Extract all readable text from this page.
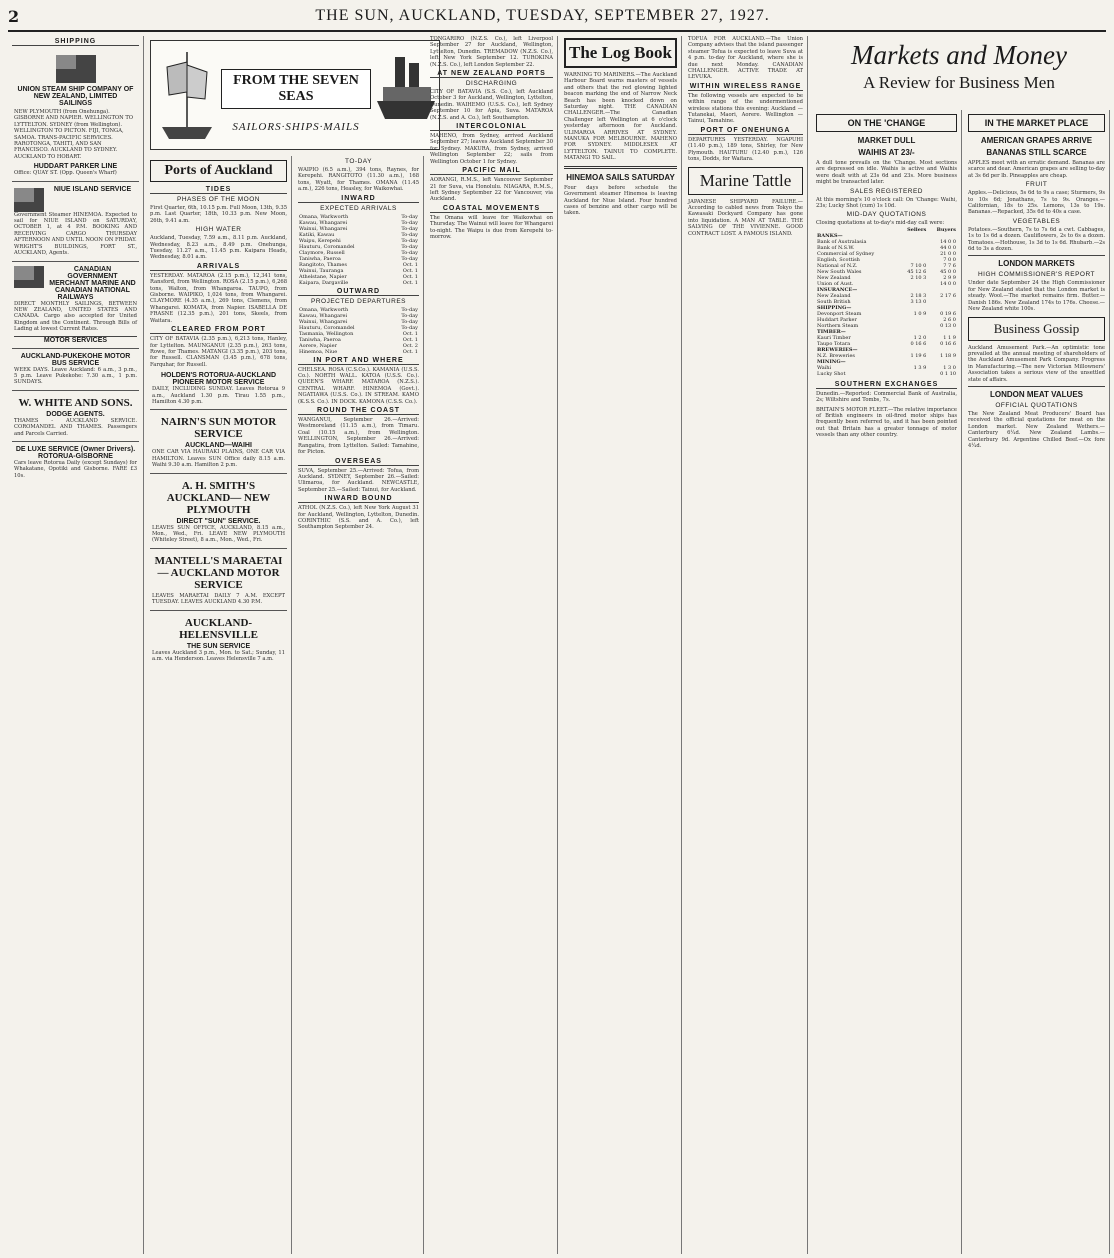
2	THE SUN, AUCKLAND, TUESDAY, SEPTEMBER 27, 1927.
SHIPPING
UNION STEAM SHIP COMPANY OF NEW ZEALAND, LIMITED
SAILINGS
NEW PLYMOUTH (from Onehunga). GISBORNE AND NAPIER. WELLINGTON TO LYTTELTON. SYDNEY (from Wellington). WELLINGTON TO PICTON. FIJI, TONGA, SAMOA. TRANS-PACIFIC SERVICES. RAROTONGA, TAHITI, AND SAN FRANCISCO. AUCKLAND TO SYDNEY. AUCKLAND TO HOBART.
HUDDART PARKER LINE
Office: QUAY ST. (Opp. Queen's Wharf)
NIUE ISLAND SERVICE
Government Steamer HINEMOA. Expected to sail for NIUE ISLAND on SATURDAY, OCTOBER 1, at 4 P.M. BOOKING AND RECEIVING CARGO THURSDAY AFTERNOON AND UNTIL NOON ON FRIDAY.
WRIGHT'S BUILDINGS, FORT ST., AUCKLAND, Agents.
CANADIAN GOVERNMENT MERCHANT MARINE AND CANADIAN NATIONAL RAILWAYS
DIRECT MONTHLY SAILINGS, BETWEEN NEW ZEALAND, UNITED STATES AND CANADA. Cargo also accepted for United Kingdom and the Continent. Through Bills of Lading at lowest Current Rates.
MOTOR SERVICES
AUCKLAND-PUKEKOHE MOTOR BUS SERVICE
WEEK DAYS. Leave Auckland: 6 a.m., 3 p.m., 5 p.m. Leave Pukekohe: 7.30 a.m., 1 p.m. SUNDAYS.
W. WHITE AND SONS.
DODGE AGENTS.
THAMES - AUCKLAND SERVICE. COROMANDEL AND THAMES. Passengers and Parcels Carried.
DE LUXE SERVICE (Owner Drivers). ROTORUA-GISBORNE
Cars leave Rotorua Daily (except Sundays) for Whakatane, Opotiki and Gisborne. FARE £3 10s.
FROM THE SEVEN SEAS
SAILORS·SHIPS·MAILS
Ports of Auckland
TIDES
PHASES OF THE MOON
First Quarter, 6th, 10.15 p.m. Full Moon, 13th, 9.35 p.m. Last Quarter, 18th, 10.33 p.m. New Moon, 26th, 9.41 a.m.
HIGH WATER
Auckland, Tuesday, 7.59 a.m., 8.11 p.m. Auckland, Wednesday, 8.23 a.m., 8.49 p.m. Onehunga, Tuesday, 11.27 a.m., 11.45 p.m. Kaipara Heads, Wednesday, 8.01 a.m.
ARRIVALS
YESTERDAY. MATAROA (2.15 p.m.), 12,341 tons, Ransford, from Wellington. ROSA (2.15 p.m.), 6,268 tons, Walton, from Whangaroa. TAUPO, from Gisborne. WAIPIKO, 1,024 tons, from Whangarei. CLAYMORE (4.35 a.m.), 269 tons, Clemens, from Whangarei. KOMATA, from Napier. ISABELLA DE FRASNE (12.35 p.m.), 201 tons, Skeels, from Waitara.
CLEARED FROM PORT
CITY OF BATAVIA (2.35 p.m.), 6,213 tons, Hanley, for Lyttelton. MAUNGANUI (2.35 p.m.), 263 tons, Rowe, for Thames. MATANGI (3.35 p.m.), 203 tons, for Russell. CLANSMAN (3.45 p.m.), 678 tons, Farquhar, for Russell.
HOLDEN'S ROTORUA-AUCKLAND PIONEER MOTOR SERVICE
DAILY, INCLUDING SUNDAY. Leaves Rotorua 9 a.m., Auckland 1.30 p.m. Tirau 1.55 p.m., Hamilton 4.30 p.m.
NAIRN'S SUN MOTOR SERVICE
AUCKLAND—WAIHI
ONE CAR VIA HAURAKI PLAINS, ONE CAR VIA HAMILTON. Leaves SUN Office daily 8.15 a.m. Waihi 9.30 a.m. Hamilton 2 p.m.
A. H. SMITH'S AUCKLAND— NEW PLYMOUTH
DIRECT "SUN" SERVICE.
LEAVES SUN OFFICE, AUCKLAND, 8.15 a.m., Mon., Wed., Fri. LEAVE NEW PLYMOUTH (Whiteley Street), 8 a.m., Mon., Wed., Fri.
MANTELL'S MARAETAI — AUCKLAND MOTOR SERVICE
LEAVES MARAETAI DAILY 7 A.M. EXCEPT TUESDAY. LEAVES AUCKLAND 4.30 P.M.
AUCKLAND-HELENSVILLE
THE SUN SERVICE
Leaves Auckland 3 p.m., Mon. to Sat.; Sunday, 11 a.m. via Henderson. Leaves Helensville 7 a.m.
TO-DAY
WAIPIO (6.5 a.m.), 394 tons, Raynes, for Kerepehi. RANGITOTO (11.30 a.m.), 168 tons, Wyatt, for Thames. OMANA (11.45 a.m.), 226 tons, Heasley, for Waikowhai.
INWARD
EXPECTED ARRIVALS
Omana, Warkworth	To-day
Kawau, Whangarei	To-day
Wainui, Whangarei	To-day
Katiki, Kawau	To-day
Waipu, Kerepehi	To-day
Hauturu, Coromandel	To-day
Claymore, Russell	To-day
Taniwha, Paeroa	To-day
Rangitoto, Thames	Oct. 1
Wainui, Tauranga	Oct. 1
Athelstane, Napier	Oct. 1
Kaipara, Dargaville	Oct. 1
OUTWARD
PROJECTED DEPARTURES
Omana, Warkworth	To-day
Kawau, Whangarei	To-day
Wainui, Whangarei	To-day
Hauturu, Coromandel	To-day
Tasmania, Wellington	Oct. 1
Taniwha, Paeroa	Oct. 1
Aorere, Napier	Oct. 2
Hinemoa, Niue	Oct. 1
IN PORT AND WHERE
CHELSEA. ROSA (C.S.Co.). KAMANIA (U.S.S. Co.). NORTH WALL. KATOA (U.S.S. Co.). QUEEN'S WHARF. MATAROA (N.Z.S.). CENTRAL WHARF. HINEMOA (Govt.). NGATIAWA (U.S.S. Co.). IN STREAM. KAMO (K.S.S. Co.). IN DOCK. KAMONA (C.S.S. Co.).
ROUND THE COAST
WANGANUI, September 26.—Arrived: Westmoreland (11.15 a.m.), from Timaru. Coal (10.15 a.m.), from Wellington. WELLINGTON, September 26.—Arrived: Rangatira, from Lyttelton. Sailed: Tamahine, for Picton.
OVERSEAS
SUVA, September 25.—Arrived: Tofua, from Auckland. SYDNEY, September 26.—Sailed: Ulimaroa, for Auckland. NEWCASTLE, September 25.—Sailed: Tainui, for Auckland.
INWARD BOUND
ATHOL (N.Z.S. Co.), left New York August 31 for Auckland, Wellington, Lyttelton, Dunedin. CORINTHIC (S.S. and A. Co.), left Southampton September 24.
TONGARIRO (N.Z.S. Co.), left Liverpool September 27 for Auckland, Wellington, Lyttelton, Dunedin. TREMADOW (N.Z.S. Co.), left New York September 12. TUROKINA (N.Z.S. Co.), left London September 22.
AT NEW ZEALAND PORTS
DISCHARGING
CITY OF BATAVIA (S.S. Co.), left Auckland October 3 for Auckland, Wellington, Lyttelton, Dunedin. WAIHEMO (U.S.S. Co.), left Sydney September 10 for Apia, Suva. MATAROA (N.Z.S. and A. Co.), left Southampton.
INTERCOLONIAL
MAHENO, from Sydney, arrived Auckland September 27; leaves Auckland September 30 for Sydney. MAKURA, from Sydney, arrived Wellington September 22; sails from Wellington October 1 for Sydney.
PACIFIC MAIL
AORANGI, R.M.S., left Vancouver September 21 for Suva, via Honolulu. NIAGARA, R.M.S., left Sydney September 22 for Vancouver, via Auckland.
COASTAL MOVEMENTS
The Omana will leave for Waikowhai on Thursday. The Wainui will leave for Whangarei to-night. The Waipu is due from Kerepehi to-morrow.
The Log Book
WARNING TO MARINERS.—The Auckland Harbour Board warns masters of vessels and others that the red glowing lighted beacon marking the end of Narrow Neck Beach has been knocked down on Saturday night. THE CANADIAN CHALLENGER.—The Canadian Challenger left Wellington at 6 o'clock yesterday afternoon for Auckland. ULIMAROA ARRIVES AT SYDNEY. MANUKA FOR MELBOURNE. MAHENO FOR SYDNEY. MIDDLESEX AT LYTTELTON. TAINUI TO COMPLETE. MATANGI TO SAIL.
HINEMOA SAILS SATURDAY
Four days before schedule the Government steamer Hinemoa is leaving Auckland for Niue Island. Four hundred cases of benzine and other cargo will be taken.
TOFUA FOR AUCKLAND.—The Union Company advises that the island passenger steamer Tofua is expected to leave Suva at 4 p.m. to-day for Auckland, where she is due next Monday. CANADIAN CHALLENGER. ACTIVE TRADE AT LEVUKA.
WITHIN WIRELESS RANGE
The following vessels are expected to be within range of the undermentioned wireless stations this evening: Auckland — Tutanekai, Maori, Aorere. Wellington — Tainui, Tamahine.
PORT OF ONEHUNGA
DEPARTURES YESTERDAY. NGAPUHI (11.40 p.m.), 189 tons, Shirley, for New Plymouth. HAUTURU (12.40 p.m.), 126 tons, Dodds, for Waitara.
Marine Tattle
JAPANESE SHIPYARD FAILURE.—According to cabled news from Tokyo the Kawasaki Dockyard Company has gone into liquidation. A MAN AT TABLE. THE SALVING OF THE VIVIENNE. GOOD CONTRACT LOST. A FAMOUS ISLAND.
Markets and Money
A Review for Business Men
ON THE 'CHANGE
MARKET DULL
WAIHIS AT 23/-
A dull tone prevails on the 'Change. Most sections are depressed on idle. Waihis is active and Waihis were dealt with at 23s 6d and 23s. More business might be transacted later.
SALES REGISTERED
At this morning's 10 o'clock call: On 'Change: Waihi, 23s; Lucky Shot (cum) 1s 10d.
MID-DAY QUOTATIONS
Closing quotations at to-day's mid-day call were:
	Sellers	Buyers
BANKS—		
Bank of Australasia		14 0 0
Bank of N.S.W.		44 0 0
Commercial of Sydney		21 0 0
English, Scottish		7 0 0
National of N.Z.	7 10 0	7 7 6
New South Wales	45 12 6	45 0 0
New Zealand	2 10 3	2 9 9
Union of Aust.		14 0 0
INSURANCE—		
New Zealand	2 18 3	2 17 6
South British	3 13 0	
SHIPPING—		
Devonport Steam	1 0 9	0 19 6
Huddart Parker		2 6 0
Northern Steam		0 13 0
TIMBER—		
Kauri Timber	1 2 0	1 1 9
Taupo Totara	0 16 6	0 16 6
BREWERIES—		
N.Z. Breweries	1 19 6	1 18 9
MINING—		
Waihi	1 3 9	1 3 0
Lucky Shot		0 1 10
SOUTHERN EXCHANGES
Dunedin.—Reported: Commercial Bank of Australia, 2s; Wiltshire and Tombs, 7s.
BRITAIN'S MOTOR FLEET.—The relative importance of British engineers in oil-fired motor ships has frequently been referred to, and it has been pointed out that Britain has a greater tonnage of motor vessels than any other country.
IN THE MARKET PLACE
AMERICAN GRAPES ARRIVE
BANANAS STILL SCARCE
APPLES meet with an erratic demand. Bananas are scarce and dear. American grapes are selling to-day at 3s 6d per lb. Pineapples are cheap.
FRUIT
Apples.—Delicious, 5s 6d to 9s a case; Sturmers, 9s to 10s 6d; Jonathans, 7s to 9s. Oranges.—Californian, 18s to 25s. Lemons, 13s to 19s. Bananas.—Repacked, 35s 6d to 40s a case.
VEGETABLES
Potatoes.—Southern, 7s to 7s 6d a cwt. Cabbages, 1s to 1s 6d a dozen. Cauliflowers, 2s to 6s a dozen. Tomatoes.—Hothouse, 1s 3d to 1s 6d. Rhubarb.—2s 6d to 3s a dozen.
LONDON MARKETS
HIGH COMMISSIONER'S REPORT
Under date September 24 the High Commissioner for New Zealand stated that the London market is steady. Wool.—The market remains firm. Butter.—Danish 186s. New Zealand 174s to 176s. Cheese.—New Zealand white 100s.
Business Gossip
Auckland Amusement Park.—An optimistic tone prevailed at the annual meeting of shareholders of the Auckland Amusement Park Company. Progress in Manufacturing.—The new Victorian Millowners' Association takes a serious view of the unsettled state of affairs.
LONDON MEAT VALUES
OFFICIAL QUOTATIONS
The New Zealand Meat Producers' Board has received the official quotations for meat on the London market. New Zealand Wethers.—Canterbury 6¼d. New Zealand Lambs.—Canterbury 9d. Argentine Chilled Beef.—Ox fore 4¼d.
